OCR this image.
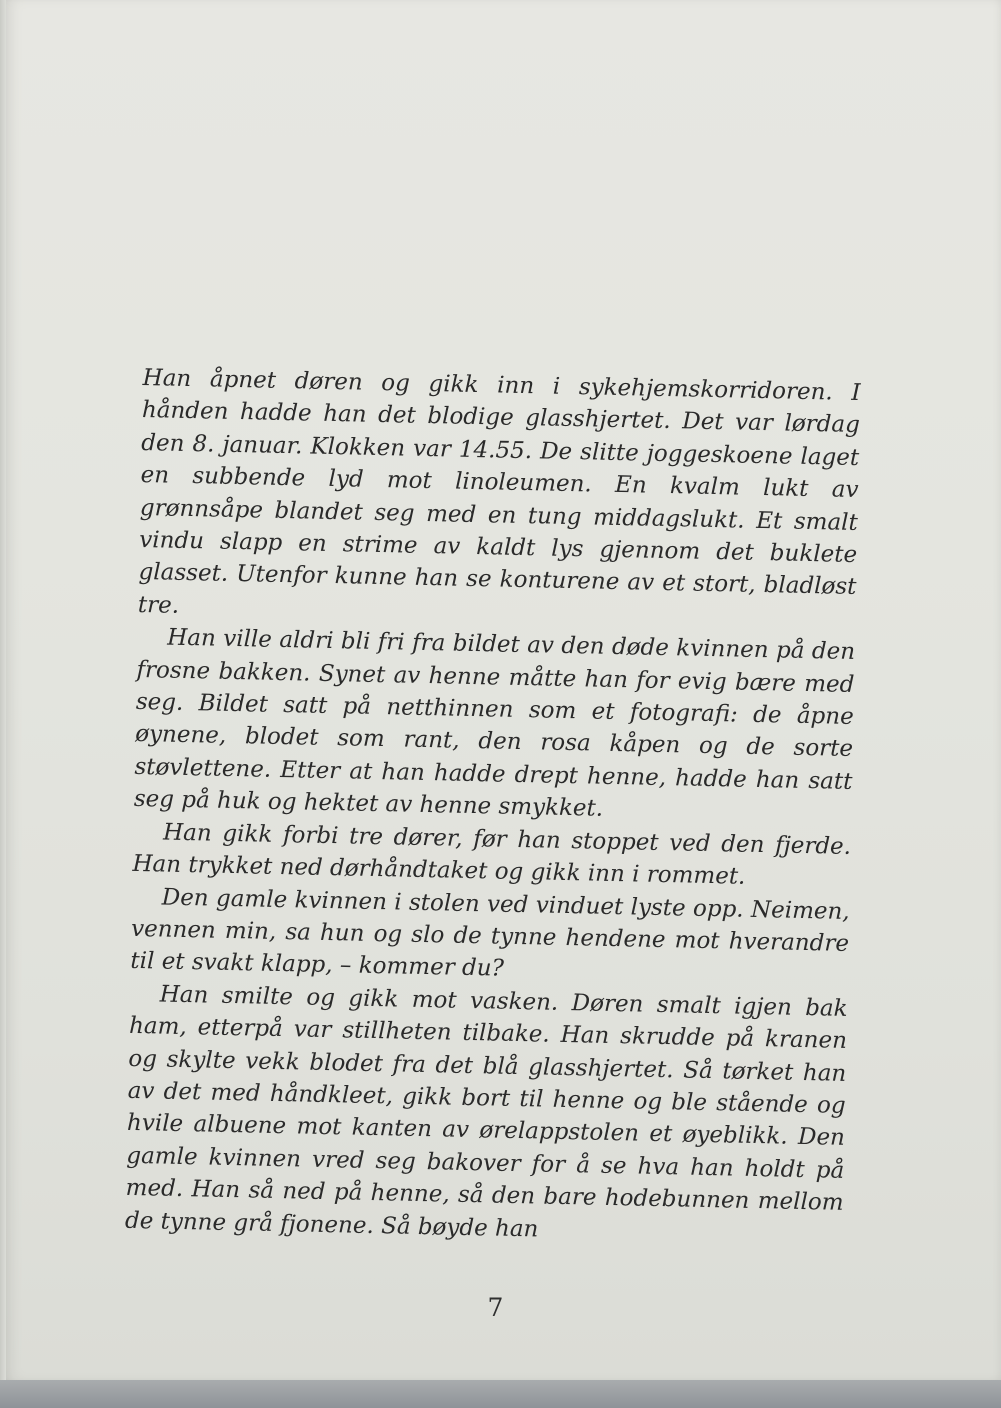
Han åpnet døren og gikk inn i sykehjemskorridoren. I hånden hadde han det blodige glasshjertet. Det var lørdag den 8. januar. Klokken var 14.55. De slitte joggeskoene laget en subbende lyd mot linoleumen. En kvalm lukt av grønnsåpe blandet seg med en tung middagslukt. Et smalt vindu slapp en strime av kaldt lys gjennom det buklete glasset. Utenfor kunne han se konturene av et stort, bladløst tre.

Han ville aldri bli fri fra bildet av den døde kvinnen på den frosne bakken. Synet av henne måtte han for evig bære med seg. Bildet satt på netthinnen som et fotografi: de åpne øynene, blodet som rant, den rosa kåpen og de sorte støvlettene. Etter at han hadde drept henne, hadde han satt seg på huk og hektet av henne smykket.

Han gikk forbi tre dører, før han stoppet ved den fjerde. Han trykket ned dørhåndtaket og gikk inn i rommet.

Den gamle kvinnen i stolen ved vinduet lyste opp. Neimen, vennen min, sa hun og slo de tynne hendene mot hverandre til et svakt klapp, – kommer du?

Han smilte og gikk mot vasken. Døren smalt igjen bak ham, etterpå var stillheten tilbake. Han skrudde på kranen og skylte vekk blodet fra det blå glasshjertet. Så tørket han av det med håndkleet, gikk bort til henne og ble stående og hvile albuene mot kanten av ørelappstolen et øyeblikk. Den gamle kvinnen vred seg bakover for å se hva han holdt på med. Han så ned på henne, så den bare hodebunnen mellom de tynne grå fjonene. Så bøyde han

7
